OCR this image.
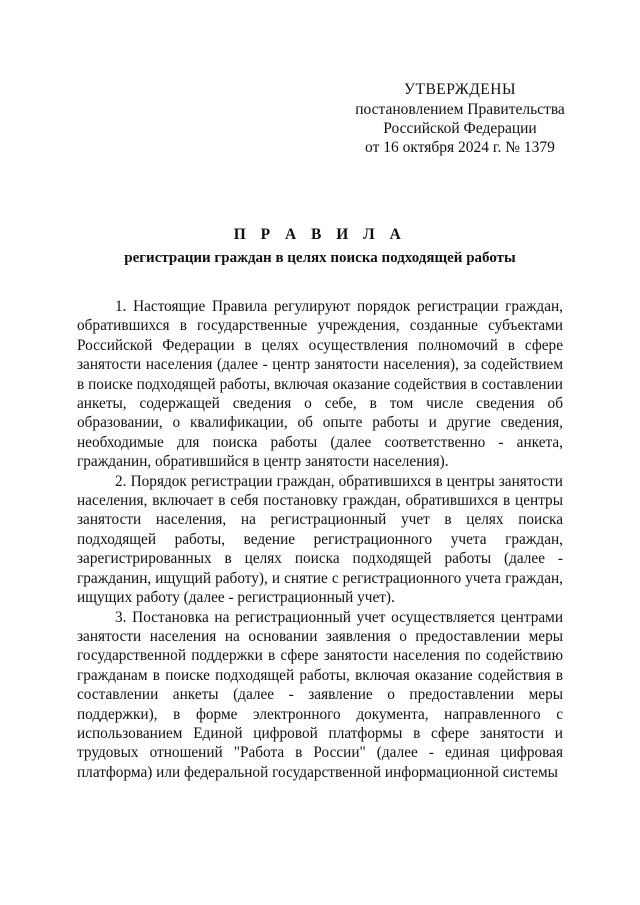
УТВЕРЖДЕНЫ
постановлением Правительства
Российской Федерации
от 16 октября 2024 г. № 1379
П Р А В И Л А
регистрации граждан в целях поиска подходящей работы

1. Настоящие Правила регулируют порядок регистрации граждан, обратившихся в государственные учреждения, созданные субъектами Российской Федерации в целях осуществления полномочий в сфере занятости населения (далее - центр занятости населения), за содействием в поиске подходящей работы, включая оказание содействия в составлении анкеты, содержащей сведения о себе, в том числе сведения об образовании, о квалификации, об опыте работы и другие сведения, необходимые для поиска работы (далее соответственно - анкета, гражданин, обратившийся в центр занятости населения).

2. Порядок регистрации граждан, обратившихся в центры занятости населения, включает в себя постановку граждан, обратившихся в центры занятости населения, на регистрационный учет в целях поиска подходящей работы, ведение регистрационного учета граждан, зарегистрированных в целях поиска подходящей работы (далее - гражданин, ищущий работу), и снятие с регистрационного учета граждан, ищущих работу (далее - регистрационный учет).

3. Постановка на регистрационный учет осуществляется центрами занятости населения на основании заявления о предоставлении меры государственной поддержки в сфере занятости населения по содействию гражданам в поиске подходящей работы, включая оказание содействия в составлении анкеты (далее - заявление о предоставлении меры поддержки), в форме электронного документа, направленного с использованием Единой цифровой платформы в сфере занятости и трудовых отношений "Работа в России" (далее - единая цифровая платформа) или федеральной государственной информационной системы
